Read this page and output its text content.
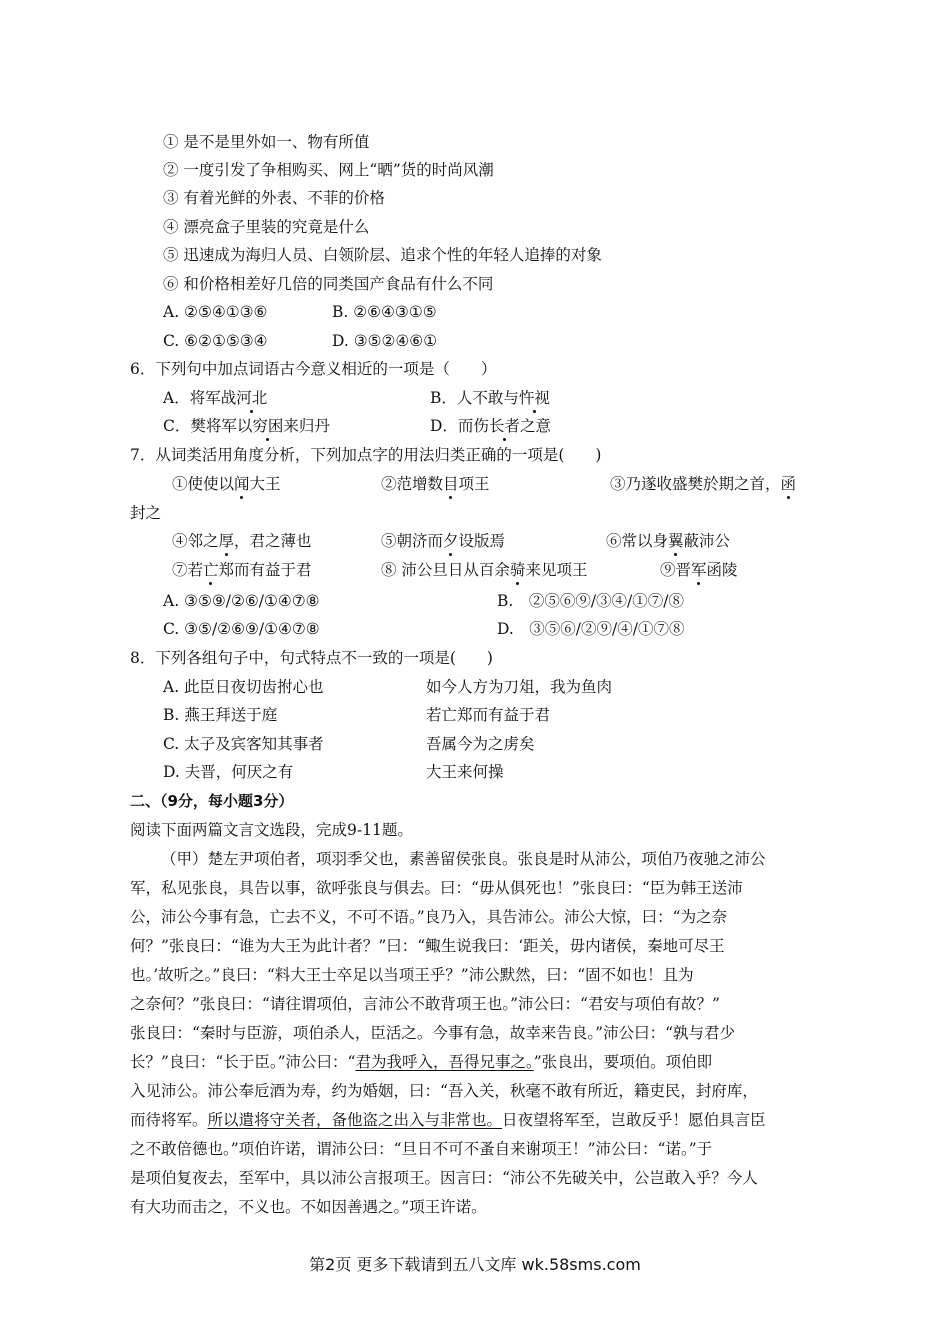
① 是不是里外如一、物有所值
② 一度引发了争相购买、网上“晒”货的时尚风潮
③ 有着光鲜的外表、不菲的价格
④ 漂亮盒子里装的究竟是什么
⑤ 迅速成为海归人员、白领阶层、追求个性的年轻人追捧的对象
⑥ 和价格相差好几倍的同类国产食品有什么不同
A. ②⑤④①③⑥	B. ②⑥④③①⑤
C. ⑥②①⑤③④	D. ③⑤②④⑥①
6．下列句中加点词语古今意义相近的一项是（　　）
A．将军战河北	B．人不敢与忤视
C．樊将军以穷困来归丹	D．而伤长者之意
7．从词类活用角度分析，下列加点字的用法归类正确的一项是(　　)
①使使以闻大王	②范增数目项王	③乃遂收盛樊於期之首，函
封之
④邻之厚，君之薄也	⑤朝济而夕设版焉	⑥常以身翼蔽沛公
⑦若亡郑而有益于君	⑧ 沛公旦日从百余骑来见项王	⑨晋军函陵
A. ③⑤⑨/②⑥/①④⑦⑧	B.　②⑤⑥⑨/③④/①⑦/⑧
C. ③⑤/②⑥⑨/①④⑦⑧	D.　③⑤⑥/②⑨/④/①⑦⑧
8．下列各组句子中，句式特点不一致的一项是(　　)
A. 此臣日夜切齿拊心也	如今人方为刀俎，我为鱼肉
B. 燕王拜送于庭	若亡郑而有益于君
C. 太子及宾客知其事者	吾属今为之虏矣
D. 夫晋，何厌之有	大王来何操
二、（9分，每小题3分）
阅读下面两篇文言文选段，完成9-11题。
（甲）楚左尹项伯者，项羽季父也，素善留侯张良。张良是时从沛公，项伯乃夜驰之沛公
军，私见张良，具告以事，欲呼张良与俱去。曰：“毋从俱死也！”张良曰：“臣为韩王送沛
公，沛公今事有急，亡去不义，不可不语。”良乃入，具告沛公。沛公大惊，曰：“为之奈
何？”张良曰：“谁为大王为此计者？”曰：“鲰生说我曰：‘距关，毋内诸侯，秦地可尽王
也。’故听之。”良曰：“料大王士卒足以当项王乎？”沛公默然，曰：“固不如也！且为
之奈何？”张良曰：“请往谓项伯，言沛公不敢背项王也。”沛公曰：“君安与项伯有故？”
张良曰：“秦时与臣游，项伯杀人，臣活之。今事有急，故幸来告良。”沛公曰：“孰与君少
长？”良曰：“长于臣。”沛公曰：“君为我呼入，吾得兄事之。”张良出，要项伯。项伯即
入见沛公。沛公奉卮酒为寿，约为婚姻，曰：“吾入关，秋毫不敢有所近，籍吏民，封府库，
而待将军。所以遣将守关者，备他盗之出入与非常也。日夜望将军至，岂敢反乎！愿伯具言臣
之不敢倍德也。”项伯许诺，谓沛公曰：“旦日不可不蚤自来谢项王！”沛公曰：“诺。”于
是项伯复夜去，至军中，具以沛公言报项王。因言曰：“沛公不先破关中，公岂敢入乎？今人
有大功而击之，不义也。不如因善遇之。”项王许诺。
第2页 更多下载请到五八文库 wk.58sms.com
